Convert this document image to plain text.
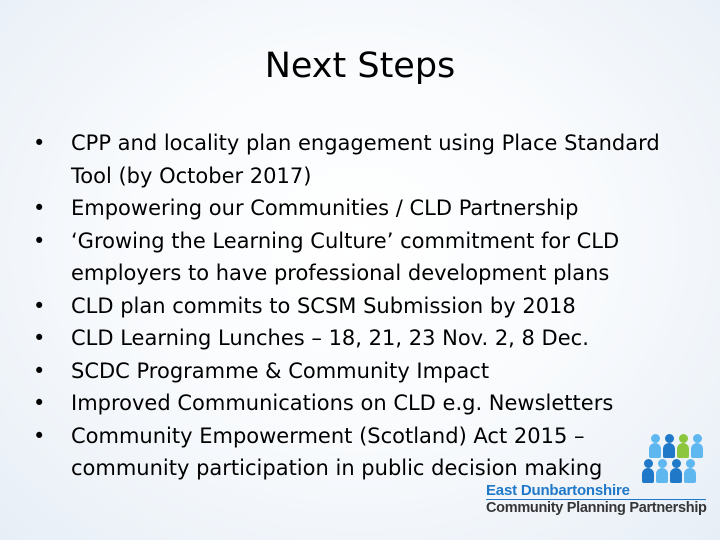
Next Steps
• CPP and locality plan engagement using Place Standard Tool (by October 2017)
• Empowering our Communities / CLD Partnership
• ‘Growing the Learning Culture’ commitment for CLD employers to have professional development plans
• CLD plan commits to SCSM Submission by 2018
• CLD Learning Lunches – 18, 21, 23 Nov. 2, 8 Dec.
• SCDC Programme & Community Impact
• Improved Communications on CLD e.g. Newsletters
• Community Empowerment (Scotland) Act 2015 – community participation in public decision making
East Dunbartonshire
Community Planning Partnership
